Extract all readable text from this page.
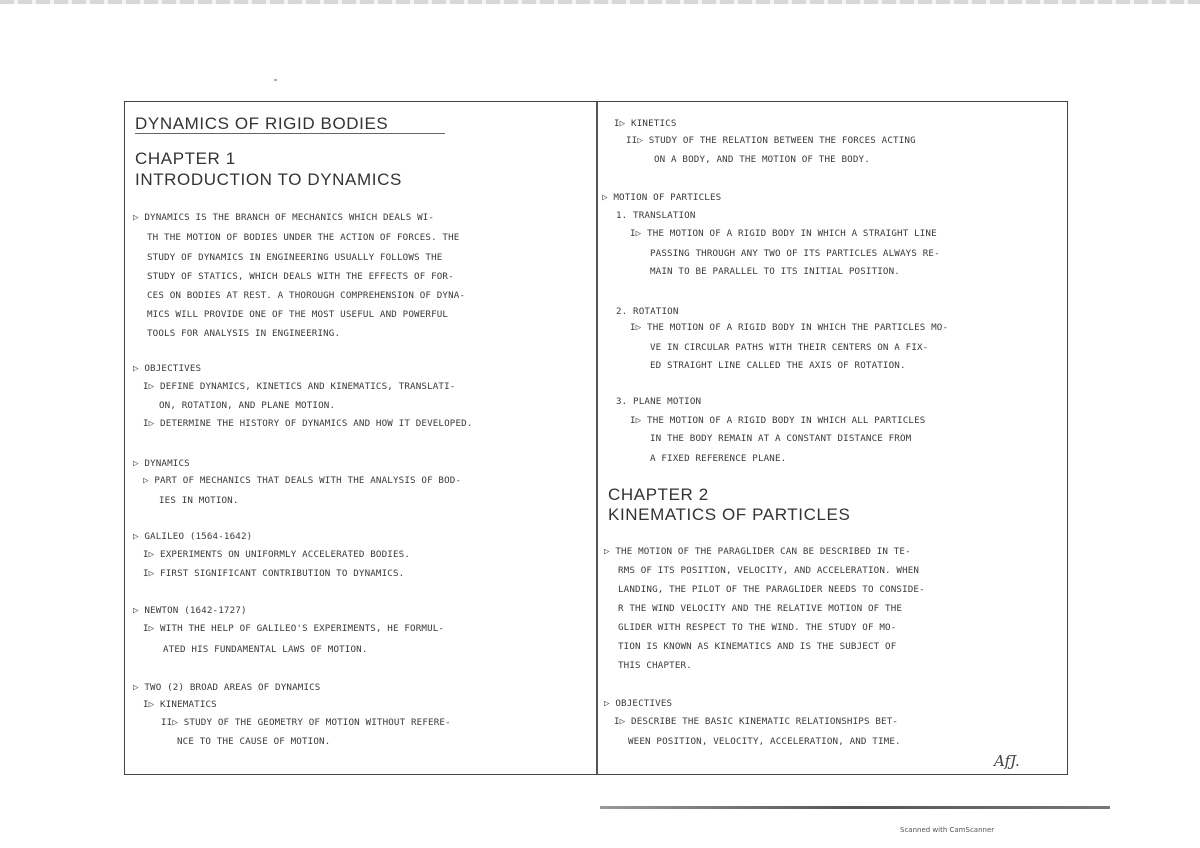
DYNAMICS OF RIGID BODIES
CHAPTER 1
INTRODUCTION TO DYNAMICS
▷ DYNAMICS IS THE BRANCH OF MECHANICS WHICH DEALS WI-
TH THE MOTION OF BODIES UNDER THE ACTION OF FORCES. THE
STUDY OF DYNAMICS IN ENGINEERING USUALLY FOLLOWS THE
STUDY OF STATICS, WHICH DEALS WITH THE EFFECTS OF FOR-
CES ON BODIES AT REST. A THOROUGH COMPREHENSION OF DYNA-
MICS WILL PROVIDE ONE OF THE MOST USEFUL AND POWERFUL
TOOLS FOR ANALYSIS IN ENGINEERING.
▷ OBJECTIVES
I▷ DEFINE DYNAMICS, KINETICS AND KINEMATICS, TRANSLATI-
ON, ROTATION, AND PLANE MOTION.
I▷ DETERMINE THE HISTORY OF DYNAMICS AND HOW IT DEVELOPED.
▷ DYNAMICS
▷ PART OF MECHANICS THAT DEALS WITH THE ANALYSIS OF BOD-
IES IN MOTION.
▷ GALILEO (1564-1642)
I▷ EXPERIMENTS ON UNIFORMLY ACCELERATED BODIES.
I▷ FIRST SIGNIFICANT CONTRIBUTION TO DYNAMICS.
▷ NEWTON (1642-1727)
I▷ WITH THE HELP OF GALILEO'S EXPERIMENTS, HE FORMUL-
ATED HIS FUNDAMENTAL LAWS OF MOTION.
▷ TWO (2) BROAD AREAS OF DYNAMICS
I▷ KINEMATICS
II▷ STUDY OF THE GEOMETRY OF MOTION WITHOUT REFERE-
NCE TO THE CAUSE OF MOTION.
I▷ KINETICS
II▷ STUDY OF THE RELATION BETWEEN THE FORCES ACTING
ON A BODY, AND THE MOTION OF THE BODY.
▷ MOTION OF PARTICLES
1. TRANSLATION
I▷ THE MOTION OF A RIGID BODY IN WHICH A STRAIGHT LINE
PASSING THROUGH ANY TWO OF ITS PARTICLES ALWAYS RE-
MAIN TO BE PARALLEL TO ITS INITIAL POSITION.
2. ROTATION
I▷ THE MOTION OF A RIGID BODY IN WHICH THE PARTICLES MO-
VE IN CIRCULAR PATHS WITH THEIR CENTERS ON A FIX-
ED STRAIGHT LINE CALLED THE AXIS OF ROTATION.
3. PLANE MOTION
I▷ THE MOTION OF A RIGID BODY IN WHICH ALL PARTICLES
IN THE BODY REMAIN AT A CONSTANT DISTANCE FROM
A FIXED REFERENCE PLANE.
CHAPTER 2
KINEMATICS OF PARTICLES
▷ THE MOTION OF THE PARAGLIDER CAN BE DESCRIBED IN TE-
RMS OF ITS POSITION, VELOCITY, AND ACCELERATION. WHEN
LANDING, THE PILOT OF THE PARAGLIDER NEEDS TO CONSIDE-
R THE WIND VELOCITY AND THE RELATIVE MOTION OF THE
GLIDER WITH RESPECT TO THE WIND. THE STUDY OF MO-
TION IS KNOWN AS KINEMATICS AND IS THE SUBJECT OF
THIS CHAPTER.
▷ OBJECTIVES
I▷ DESCRIBE THE BASIC KINEMATIC RELATIONSHIPS BET-
WEEN POSITION, VELOCITY, ACCELERATION, AND TIME.
AfJ.
Scanned with CamScanner
